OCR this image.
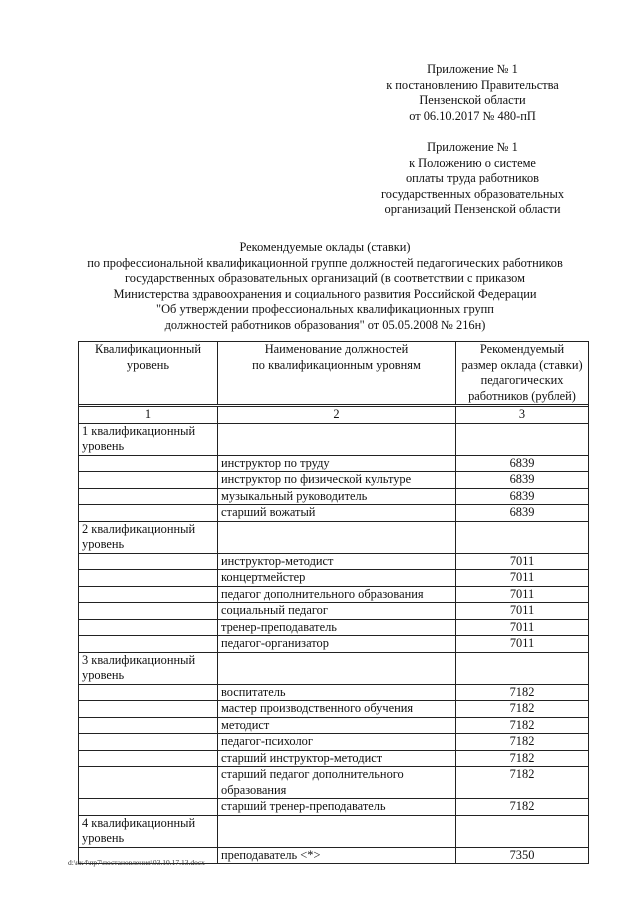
Приложение № 1
к постановлению Правительства
Пензенской области
от 06.10.2017 № 480-пП
Приложение № 1
к Положению о системе
оплаты труда работников
государственных образовательных
организаций Пензенской области
Рекомендуемые оклады (ставки)
по профессиональной квалификационной группе должностей педагогических работников
государственных образовательных организаций (в соответствии с приказом
Министерства здравоохранения и социального развития Российской Федерации
"Об утверждении профессиональных квалификационных групп
должностей работников образования" от 05.05.2008 № 216н)
Квалификационный
уровень

Наименование должностей
по квалификационным уровням

Рекомендуемый
размер оклада (ставки)
педагогических
работников (рублей)

1	2	3
1 квалификационный уровень		
	инструктор по труду	6839
	инструктор по физической культуре	6839
	музыкальный руководитель	6839
	старший вожатый	6839
2 квалификационный уровень		
	инструктор-методист	7011
	концертмейстер	7011
	педагог дополнительного образования	7011
	социальный педагог	7011
	тренер-преподаватель	7011
	педагог-организатор	7011
3 квалификационный уровень		
	воспитатель	7182
	мастер производственного обучения	7182
	методист	7182
	педагог-психолог	7182
	старший инструктор-методист	7182
	старший педагог дополнительного образования	7182
	старший тренер-преподаватель	7182
4 квалификационный уровень		
	преподаватель <*>	7350
d:\ик4\пр7\постановления\03.10.17.13.docx
